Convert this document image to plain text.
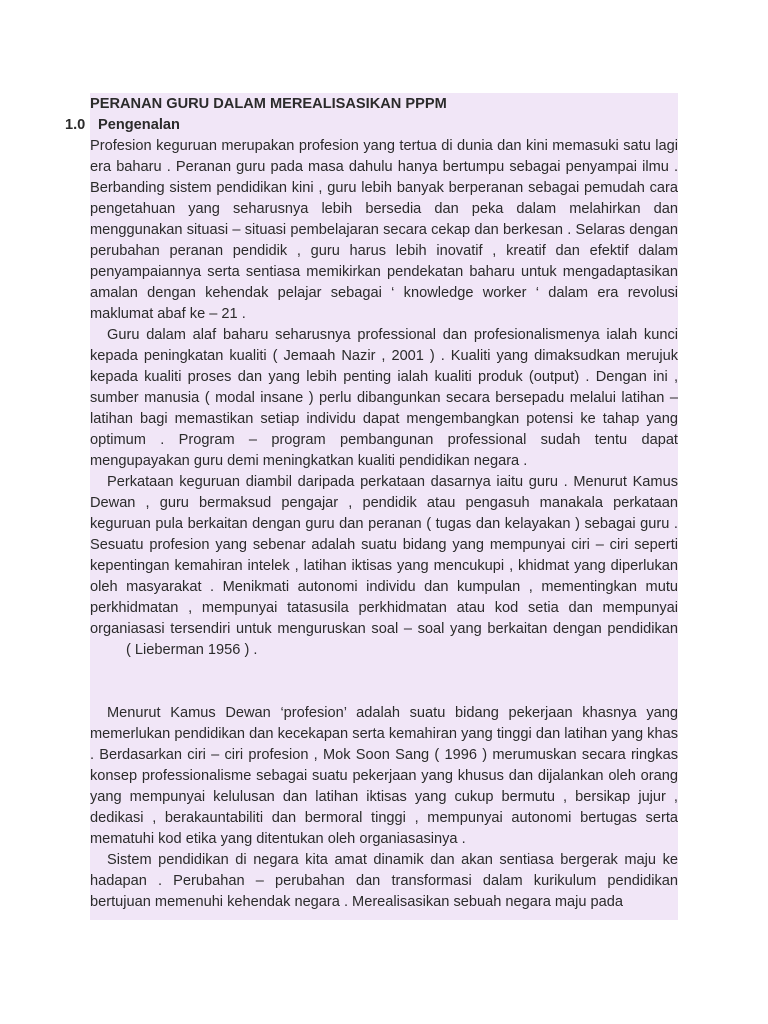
PERANAN GURU DALAM MEREALISASIKAN PPPM

1.0 Pengenalan

Profesion keguruan merupakan profesion yang tertua di dunia dan kini memasuki satu lagi era baharu . Peranan guru pada masa dahulu hanya bertumpu sebagai penyampai ilmu . Berbanding sistem pendidikan kini , guru lebih banyak berperanan sebagai pemudah cara pengetahuan yang seharusnya lebih bersedia dan peka dalam melahirkan dan menggunakan situasi – situasi pembelajaran secara cekap dan berkesan . Selaras dengan perubahan peranan pendidik , guru harus lebih inovatif , kreatif dan efektif dalam penyampaiannya serta sentiasa memikirkan pendekatan baharu untuk mengadaptasikan amalan dengan kehendak pelajar sebagai ‘ knowledge worker ‘ dalam era revolusi maklumat abaf ke – 21 .

Guru dalam alaf baharu seharusnya professional dan profesionalismenya ialah kunci kepada peningkatan kualiti ( Jemaah Nazir , 2001 ) . Kualiti yang dimaksudkan merujuk kepada kualiti proses dan yang lebih penting ialah kualiti produk (output) . Dengan ini , sumber manusia ( modal insane ) perlu dibangunkan secara bersepadu melalui latihan – latihan bagi memastikan setiap individu dapat mengembangkan potensi ke tahap yang optimum . Program – program pembangunan professional sudah tentu dapat mengupayakan guru demi meningkatkan kualiti pendidikan negara .

Perkataan keguruan diambil daripada perkataan dasarnya iaitu guru . Menurut Kamus Dewan , guru bermaksud pengajar , pendidik atau pengasuh manakala perkataan keguruan pula berkaitan dengan guru dan peranan ( tugas dan kelayakan ) sebagai guru . Sesuatu profesion yang sebenar adalah suatu bidang yang mempunyai ciri – ciri seperti kepentingan kemahiran intelek , latihan iktisas yang mencukupi , khidmat yang diperlukan oleh masyarakat . Menikmati autonomi individu dan kumpulan , mementingkan mutu perkhidmatan , mempunyai tatasusila perkhidmatan atau kod setia dan mempunyai organiasasi tersendiri untuk menguruskan soal – soal yang berkaitan dengan pendidikan( Lieberman 1956 ) .

Menurut Kamus Dewan ‘profesion’ adalah suatu bidang pekerjaan khasnya yang memerlukan pendidikan dan kecekapan serta kemahiran yang tinggi dan latihan yang khas . Berdasarkan ciri – ciri profesion , Mok Soon Sang ( 1996 ) merumuskan secara ringkas konsep professionalisme sebagai suatu pekerjaan yang khusus dan dijalankan oleh orang yang mempunyai kelulusan dan latihan iktisas yang cukup bermutu , bersikap jujur , dedikasi , berakauntabiliti dan bermoral tinggi , mempunyai autonomi bertugas serta mematuhi kod etika yang ditentukan oleh organiasasinya .

Sistem pendidikan di negara kita amat dinamik dan akan sentiasa bergerak maju ke hadapan . Perubahan – perubahan dan transformasi dalam kurikulum pendidikan bertujuan memenuhi kehendak negara . Merealisasikan sebuah negara maju pada
